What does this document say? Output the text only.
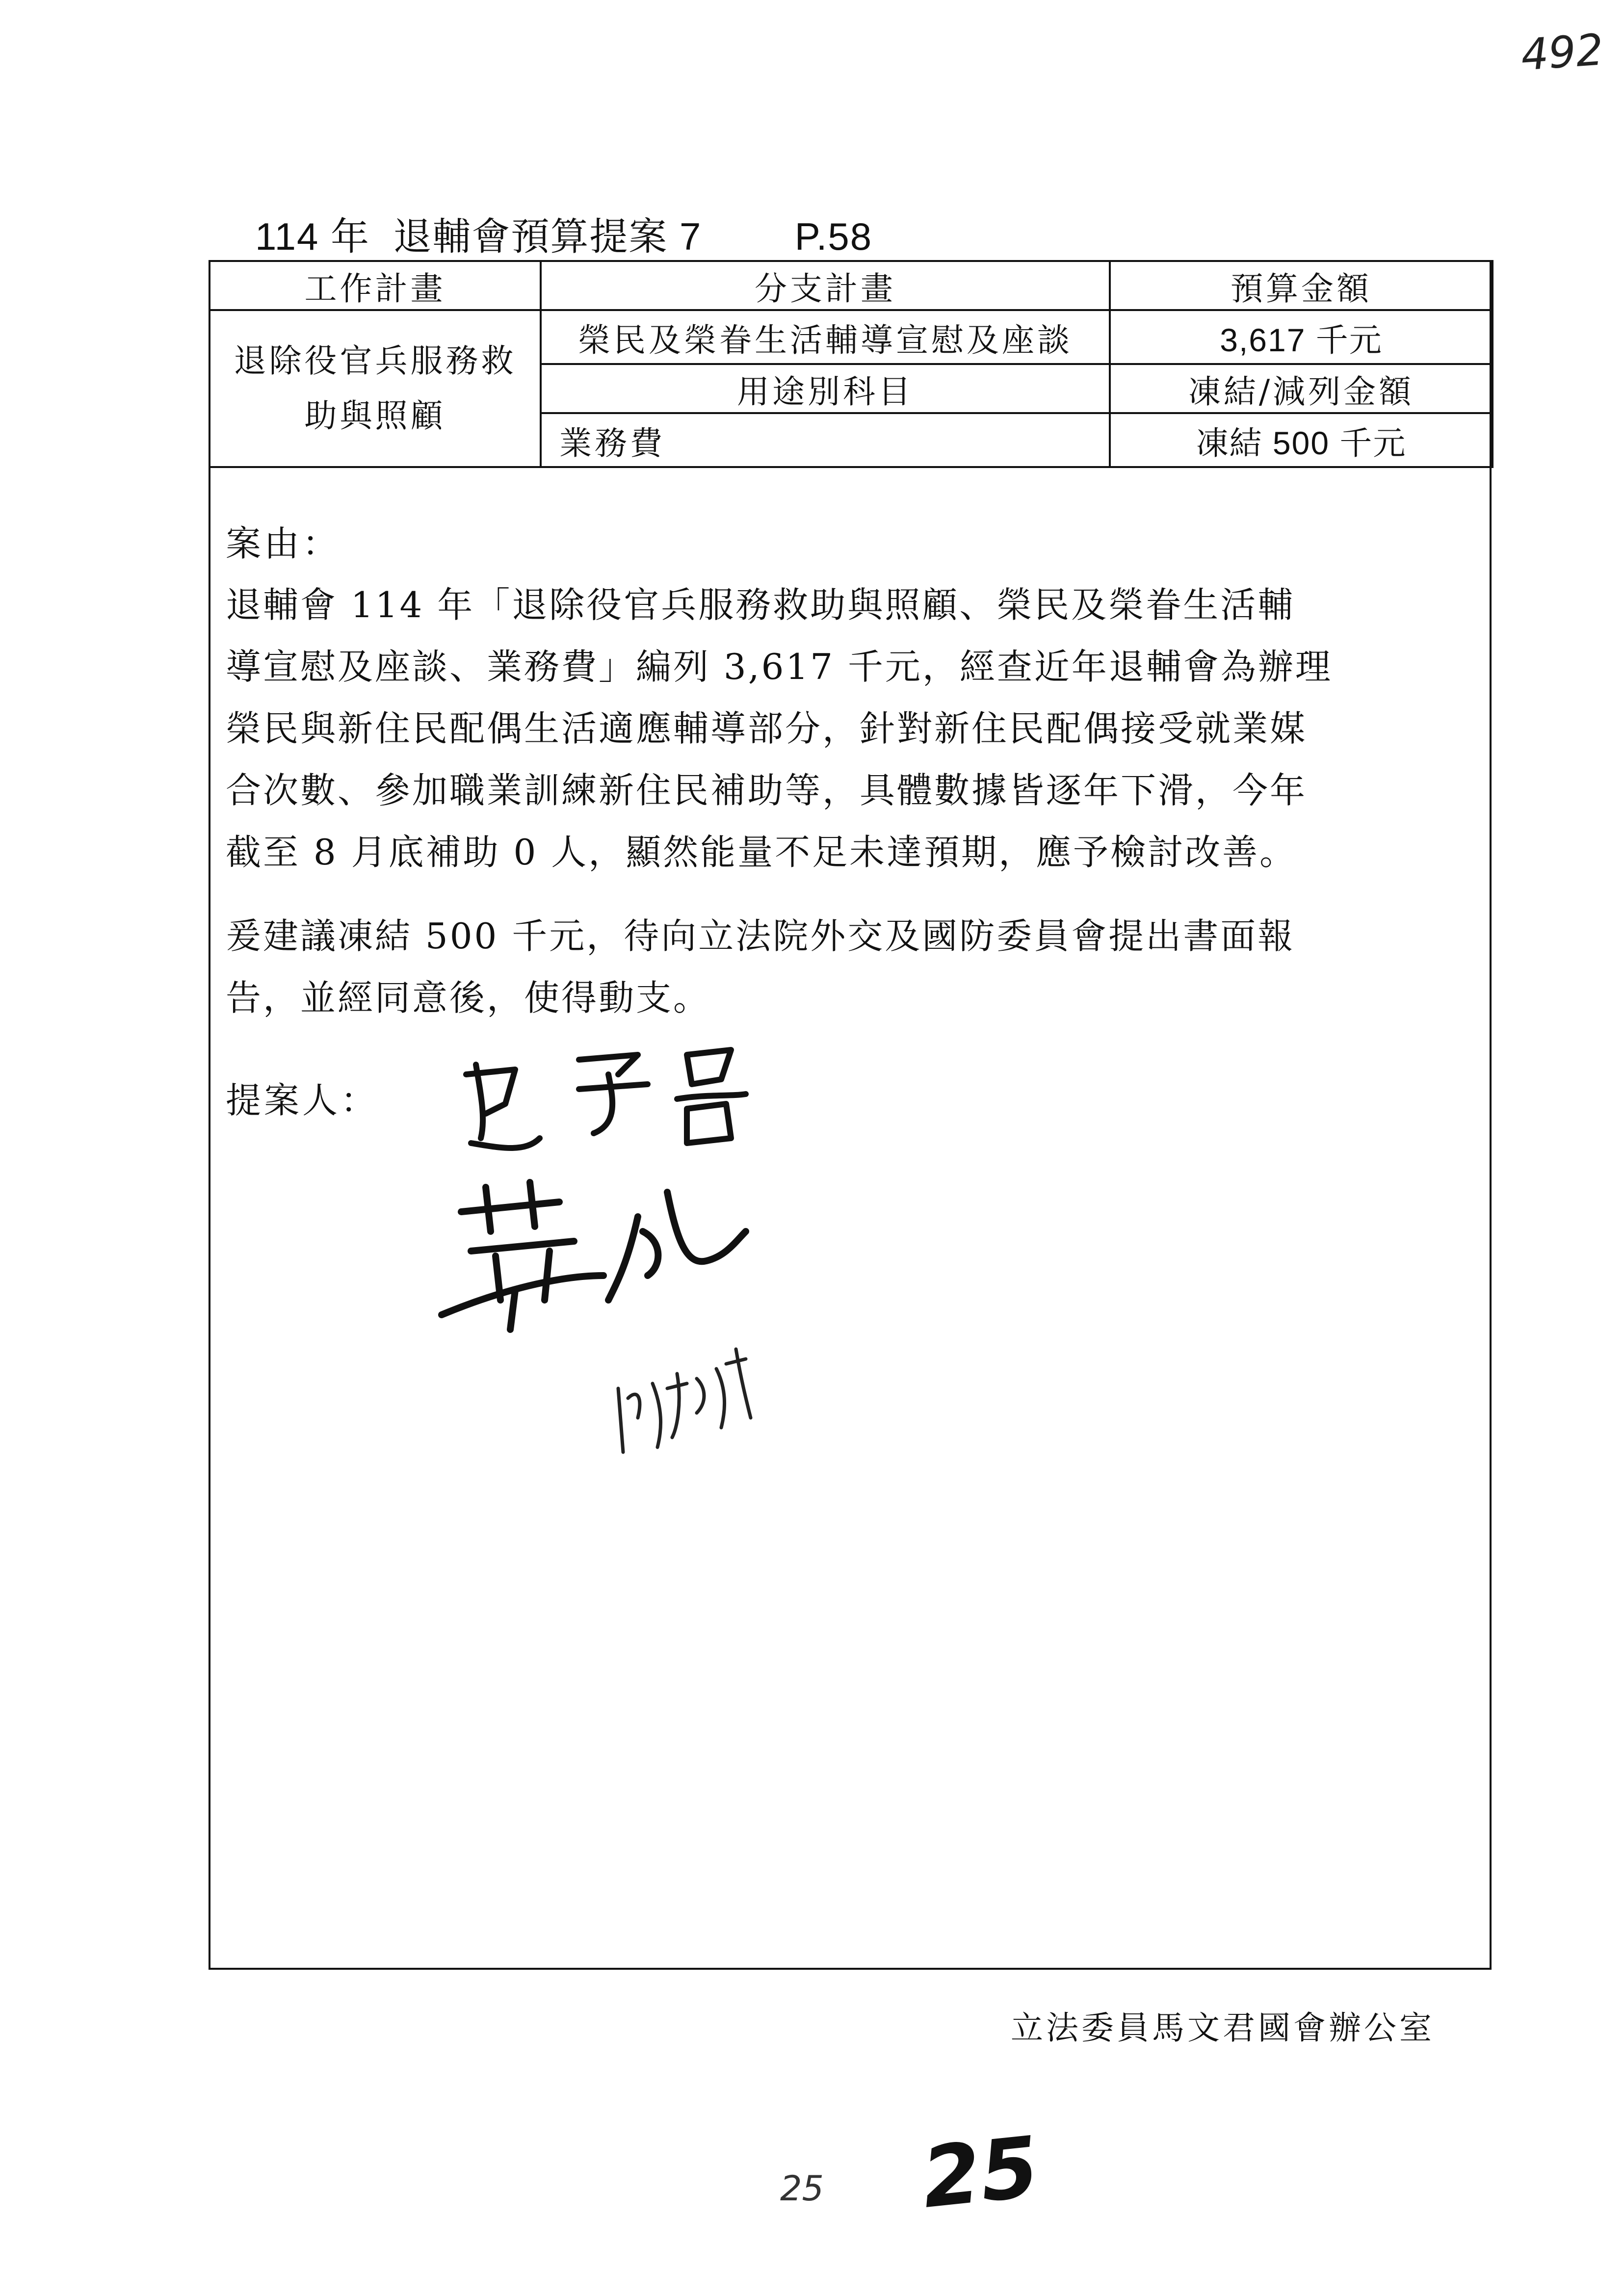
492
114 年  退輔會預算提案 7        P.58
工作計畫	分支計畫	預算金額
退除役官兵服務救助與照顧	榮民及榮眷生活輔導宣慰及座談	3,617 千元
	用途別科目	凍結/減列金額
	業務費	凍結 500 千元
案由：
退輔會 114 年「退除役官兵服務救助與照顧、榮民及榮眷生活輔
導宣慰及座談、業務費」編列 3,617 千元，經查近年退輔會為辦理
榮民與新住民配偶生活適應輔導部分，針對新住民配偶接受就業媒
合次數、參加職業訓練新住民補助等，具體數據皆逐年下滑，今年
截至 8 月底補助 0 人，顯然能量不足未達預期，應予檢討改善。
爰建議凍結 500 千元，待向立法院外交及國防委員會提出書面報
告，並經同意後，使得動支。
提案人：
立法委員馬文君國會辦公室
25 25
